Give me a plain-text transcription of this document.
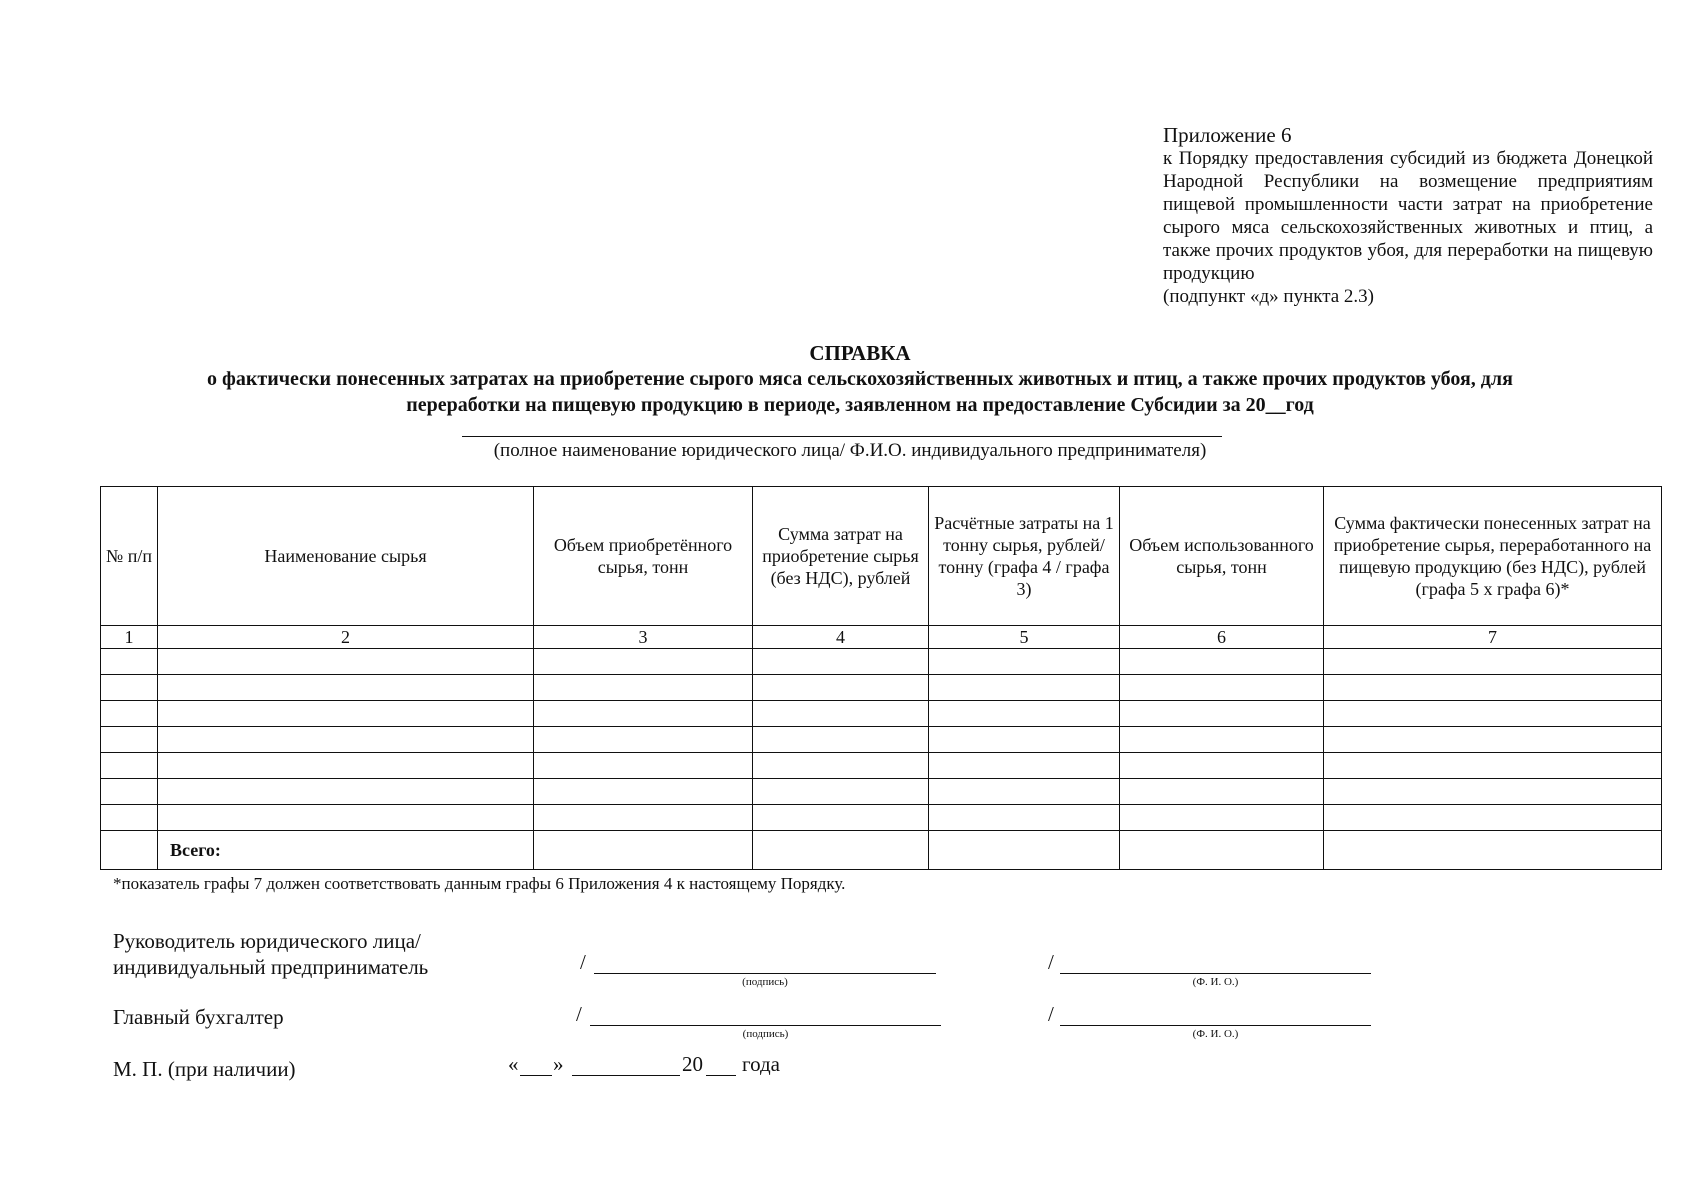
Приложение 6
к Порядку предоставления субсидий из бюджета Донецкой Народной Республики на возмещение предприятиям пищевой промышленности части затрат на приобретение сырого мяса сельскохозяйственных животных и птиц, а также прочих продуктов убоя, для переработки на пищевую продукцию
(подпункт «д» пункта 2.3)
СПРАВКА
о фактически понесенных затратах на приобретение сырого мяса сельскохозяйственных животных и птиц, а также прочих продуктов убоя, для
переработки на пищевую продукцию в периоде, заявленном на предоставление Субсидии за 20__год
(полное наименование юридического лица/ Ф.И.О. индивидуального предпринимателя)
№ п/п	Наименование сырья	Объем приобретённого сырья, тонн	Сумма затрат на приобретение сырья (без НДС), рублей	Расчётные затраты на 1 тонну сырья, рублей/тонну (графа 4 / графа 3)	Объем использованного сырья, тонн	Сумма фактически понесенных затрат на приобретение сырья, переработанного на пищевую продукцию (без НДС), рублей (графа 5 х графа 6)*
1	2	3	4	5	6	7

	Всего:					
*показатель графы 7 должен соответствовать данным графы 6 Приложения 4 к настоящему Порядку.
Руководитель юридического лица/
индивидуальный предприниматель	/
(подпись)
/
(Ф. И. О.)
Главный бухгалтер	/
(подпись)
/
(Ф. И. О.)
М. П. (при наличии)	« »	20 года
